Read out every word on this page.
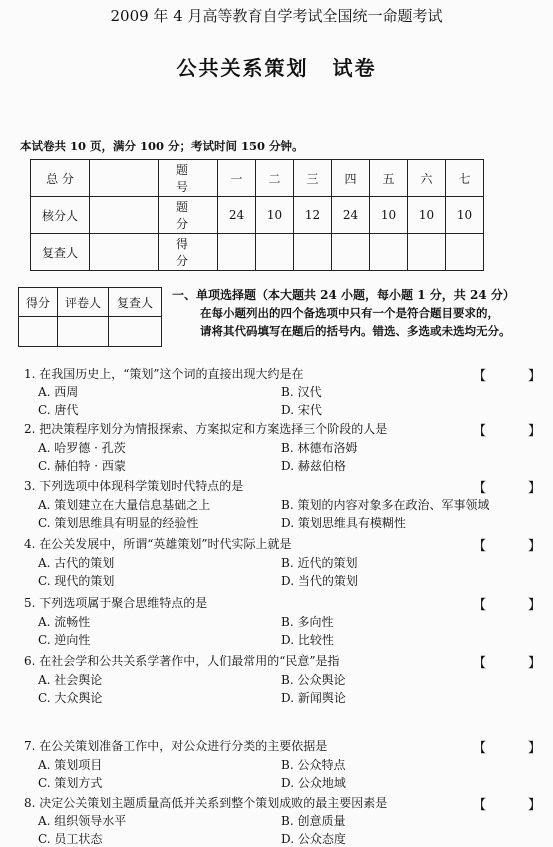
2009 年 4 月高等教育自学考试全国统一命题考试
公共关系策划 试卷
本试卷共 10 页，满分 100 分；考试时间 150 分钟。
总 分		题 号	一	二	三	四	五	六	七
核分人		题 分	24	10	12	24	10	10	10
复查人		得 分							
得分	评卷人	复查人

一、单项选择题（本大题共 24 小题，每小题 1 分，共 24 分）
在每小题列出的四个备选项中只有一个是符合题目要求的，
请将其代码填写在题后的括号内。错选、多选或未选均无分。
1. 在我国历史上，“策划”这个词的直接出现大约是在	【	】
A. 西周	B. 汉代
C. 唐代	D. 宋代
2. 把决策程序划分为情报探索、方案拟定和方案选择三个阶段的人是	【	】
A. 哈罗德 · 孔茨	B. 林德布洛姆
C. 赫伯特 · 西蒙	D. 赫兹伯格
3. 下列选项中体现科学策划时代特点的是	【	】
A. 策划建立在大量信息基础之上	B. 策划的内容对象多在政治、军事领域
C. 策划思维具有明显的经验性	D. 策划思维具有模糊性
4. 在公关发展中，所谓“英雄策划”时代实际上就是	【	】
A. 古代的策划	B. 近代的策划
C. 现代的策划	D. 当代的策划
5. 下列选项属于聚合思维特点的是	【	】
A. 流畅性	B. 多向性
C. 逆向性	D. 比较性
6. 在社会学和公共关系学著作中，人们最常用的“民意”是指	【	】
A. 社会舆论	B. 公众舆论
C. 大众舆论	D. 新闻舆论
7. 在公关策划准备工作中，对公众进行分类的主要依据是	【	】
A. 策划项目	B. 公众特点
C. 策划方式	D. 公众地域
8. 决定公关策划主题质量高低并关系到整个策划成败的最主要因素是	【	】
A. 组织领导水平	B. 创意质量
C. 员工状态	D. 公众态度
